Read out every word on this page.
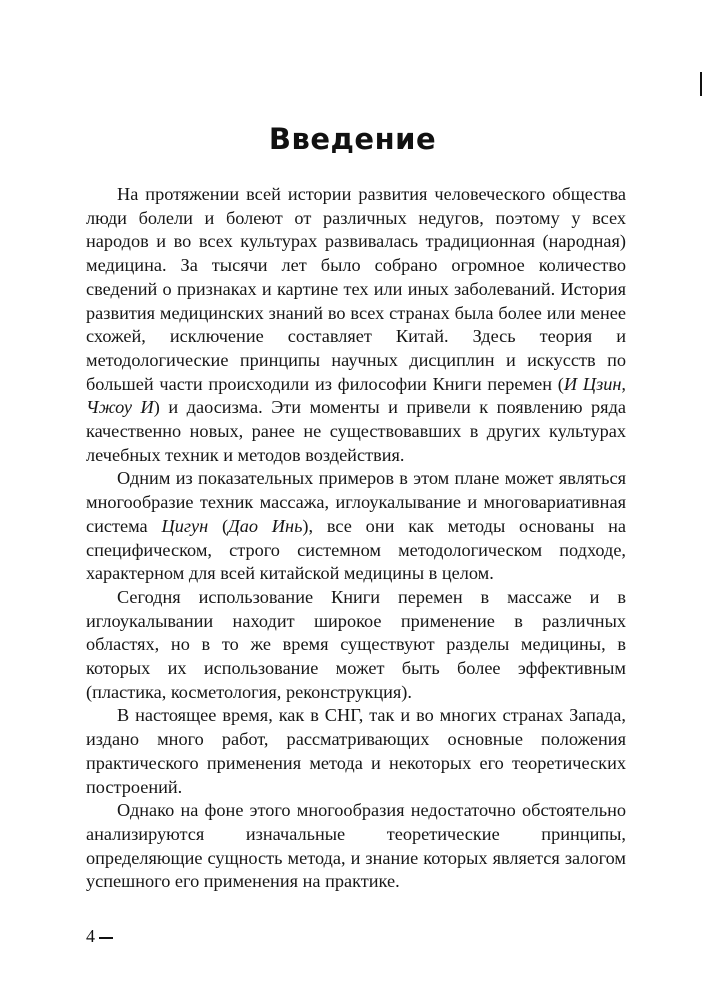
Введение

На протяжении всей истории развития человеческого общества люди болели и болеют от различных недугов, поэтому у всех народов и во всех культурах развивалась традиционная (народная) медицина. За тысячи лет было собрано огромное количество сведений о признаках и картине тех или иных заболеваний. История развития медицинских знаний во всех странах была более или менее схожей, исключение составляет Китай. Здесь теория и методологические принципы научных дисциплин и искусств по большей части происходили из философии Книги перемен (И Цзин, Чжоу И) и даосизма. Эти моменты и привели к появлению ряда качественно новых, ранее не существовавших в других культурах лечебных техник и методов воздействия.

Одним из показательных примеров в этом плане может являться многообразие техник массажа, иглоукалывание и многовариативная система Цигун (Дао Инь), все они как методы основаны на специфическом, строго системном методологическом подходе, характерном для всей китайской медицины в целом.

Сегодня использование Книги перемен в массаже и в иглоукалывании находит широкое применение в различных областях, но в то же время существуют разделы медицины, в которых их использование может быть более эффективным (пластика, косметология, реконструкция).

В настоящее время, как в СНГ, так и во многих странах Запада, издано много работ, рассматривающих основные положения практического применения метода и некоторых его теоретических построений.

Однако на фоне этого многообразия недостаточно обстоятельно анализируются изначальные теоретические принципы, определяющие сущность метода, и знание которых является залогом успешного его применения на практике.

4
